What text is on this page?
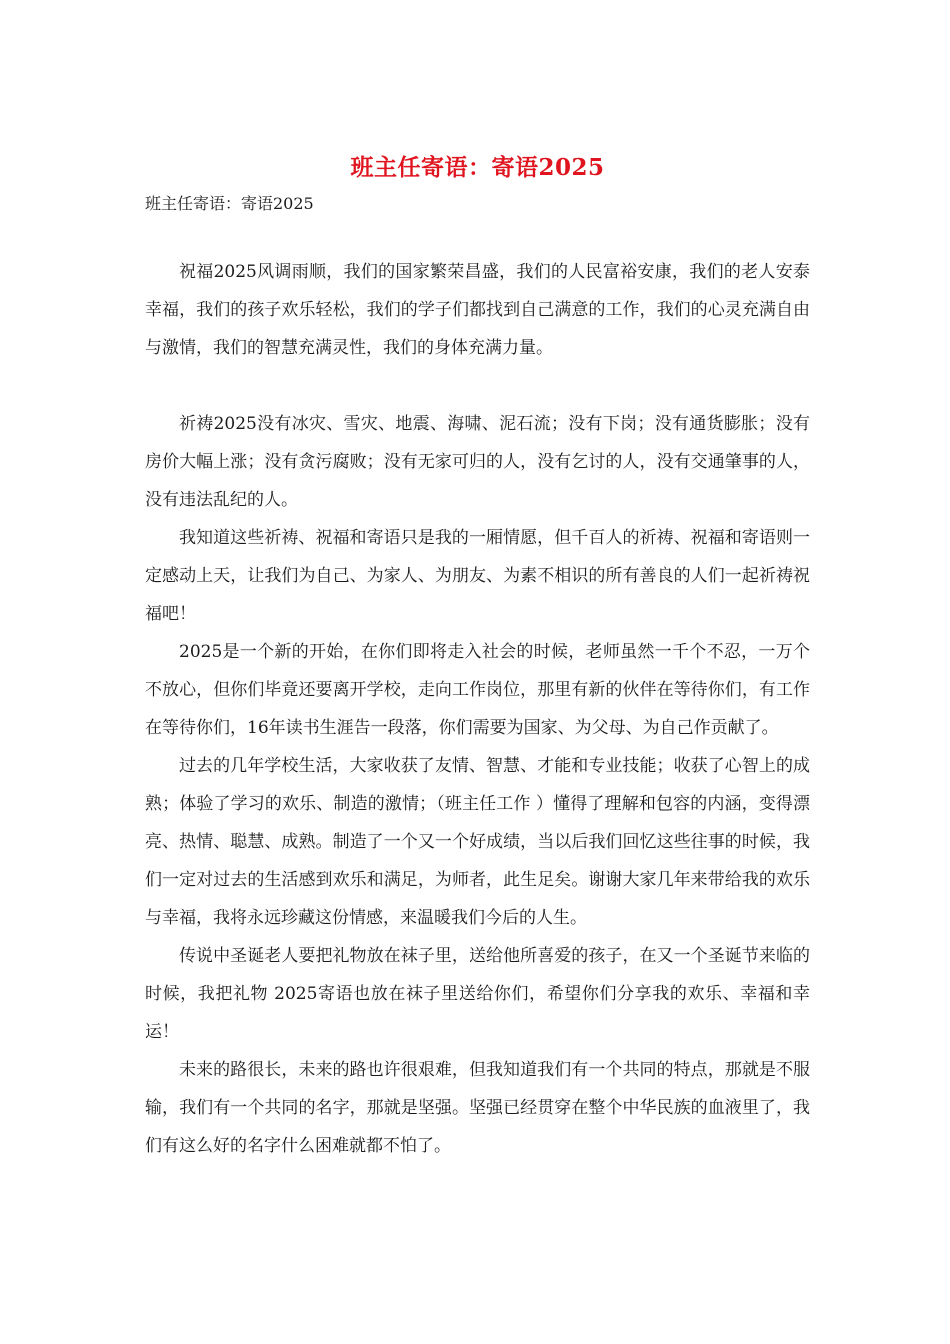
班主任寄语：寄语2025

班主任寄语：寄语2025

祝福2025风调雨顺，我们的国家繁荣昌盛，我们的人民富裕安康，我们的老人安泰幸福，我们的孩子欢乐轻松，我们的学子们都找到自己满意的工作，我们的心灵充满自由与激情，我们的智慧充满灵性，我们的身体充满力量。

祈祷2025没有冰灾、雪灾、地震、海啸、泥石流；没有下岗；没有通货膨胀；没有房价大幅上涨；没有贪污腐败；没有无家可归的人，没有乞讨的人，没有交通肇事的人，没有违法乱纪的人。

我知道这些祈祷、祝福和寄语只是我的一厢情愿，但千百人的祈祷、祝福和寄语则一定感动上天，让我们为自己、为家人、为朋友、为素不相识的所有善良的人们一起祈祷祝福吧！

2025是一个新的开始，在你们即将走入社会的时候，老师虽然一千个不忍，一万个不放心，但你们毕竟还要离开学校，走向工作岗位，那里有新的伙伴在等待你们，有工作在等待你们，16年读书生涯告一段落，你们需要为国家、为父母、为自己作贡献了。

过去的几年学校生活，大家收获了友情、智慧、才能和专业技能；收获了心智上的成熟；体验了学习的欢乐、制造的激情；（班主任工作 ）懂得了理解和包容的内涵，变得漂亮、热情、聪慧、成熟。制造了一个又一个好成绩，当以后我们回忆这些往事的时候，我们一定对过去的生活感到欢乐和满足，为师者，此生足矣。谢谢大家几年来带给我的欢乐与幸福，我将永远珍藏这份情感，来温暖我们今后的人生。

传说中圣诞老人要把礼物放在袜子里，送给他所喜爱的孩子，在又一个圣诞节来临的时候，我把礼物 2025寄语也放在袜子里送给你们，希望你们分享我的欢乐、幸福和幸运！

未来的路很长，未来的路也许很艰难，但我知道我们有一个共同的特点，那就是不服输，我们有一个共同的名字，那就是坚强。坚强已经贯穿在整个中华民族的血液里了，我们有这么好的名字什么困难就都不怕了。
